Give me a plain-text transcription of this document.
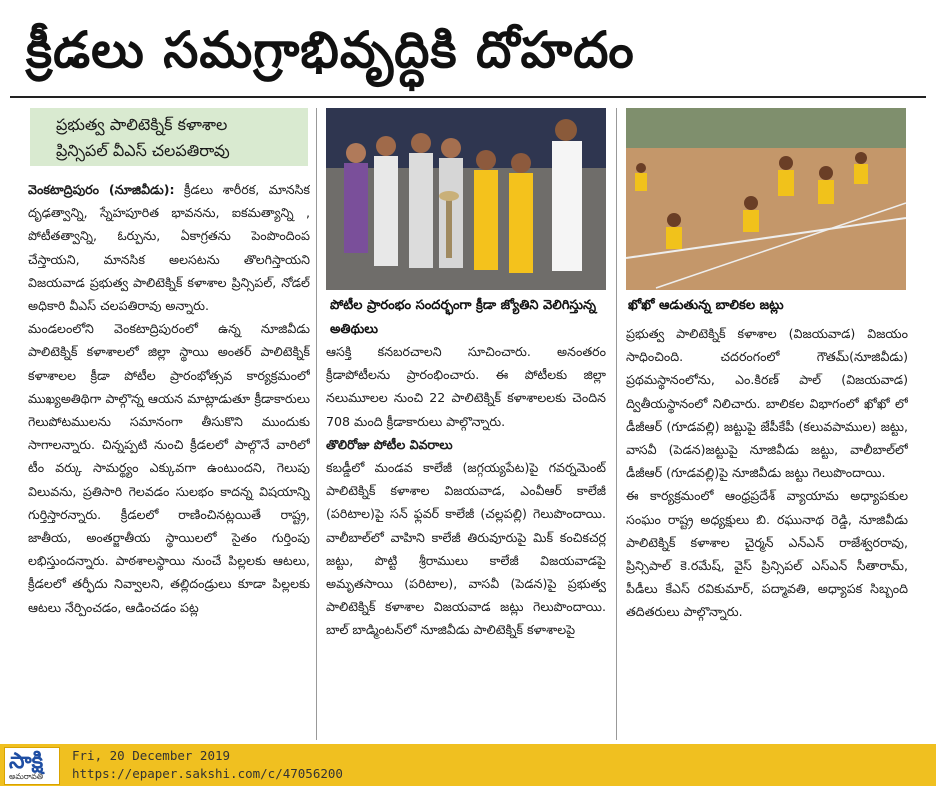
క్రీడలు సమగ్రాభివృద్ధికి దోహదం
ప్రభుత్వ పాలిటెక్నిక్ కళాశాల
ప్రిన్సిపల్ వీఎస్ చలపతిరావు

వెంకటాద్రిపురం (నూజివీడు): క్రీడలు శారీరక, మానసిక దృఢత్వాన్ని, స్నేహపూరిత భావనను, ఐకమత్యాన్ని , పోటీతత్వాన్ని, ఓర్పును, ఏకాగ్రతను పెంపొందింప చేస్తాయని, మానసిక అలసటను తొలగిస్తాయని విజయవాడ ప్రభుత్వ పాలిటెక్నిక్ కళాశాల ప్రిన్సిపల్, నోడల్ అధికారి వీఎస్ చలపతిరావు అన్నారు.

మండలంలోని వెంకటాద్రిపురంలో ఉన్న నూజివీడు పాలిటెక్నిక్ కళాశాలలో జిల్లా స్థాయి అంతర్ పాలిటెక్నిక్ కళాశాలల క్రీడా పోటీల ప్రారంభోత్సవ కార్యక్రమంలో ముఖ్యఅతిథిగా పాల్గొన్న ఆయన మాట్లాడుతూ క్రీడాకారులు గెలుపోటములను సమానంగా తీసుకొని ముందుకు సాగాలన్నారు. చిన్నప్పటి నుంచి క్రీడలలో పాల్గొనే వారిలో టీం వర్కు సామర్థ్యం ఎక్కువగా ఉంటుందని, గెలుపు విలువను, ప్రతిసారి గెలవడం సులభం కాదన్న విషయాన్ని గుర్తిస్తారన్నారు. క్రీడలలో రాణించినట్లయితే రాష్ట్ర, జాతీయ, అంతర్జాతీయ స్థాయిలలో సైతం గుర్తింపు లభిస్తుందన్నారు. పాఠశాలస్థాయి నుంచే పిల్లలకు ఆటలు, క్రీడలలో తర్ఫీదు నివ్వాలని, తల్లిదండ్రులు కూడా పిల్లలకు ఆటలు నేర్పించడం, ఆడించడం పట్ల

పోటీల ప్రారంభం సందర్భంగా క్రీడా జ్యోతిని వెలిగిస్తున్న అతిథులు
ఖోఖో ఆడుతున్న బాలికల జట్లు

ఆసక్తి కనబరచాలని సూచించారు. అనంతరం క్రీడాపోటీలను ప్రారంభించారు. ఈ పోటీలకు జిల్లా నలుమూలల నుంచి 22 పాలిటెక్నిక్ కళాశాలలకు చెందిన 708 మంది క్రీడాకారులు పాల్గొన్నారు.

తొలిరోజు పోటీల వివరాలు

కబడ్డీలో మండవ కాలేజీ (జగ్గయ్యపేట)పై గవర్నమెంట్ పాలిటెక్నిక్ కళాశాల విజయవాడ, ఎంవీఆర్ కాలేజీ (పరిటాల)పై సన్ ఫ్లవర్ కాలేజీ (చల్లపల్లి) గెలుపొందాయి. వాలీబాల్‌లో వాహిని కాలేజీ తిరువూరుపై మిక్ కంచికచర్ల జట్టు, పొట్టి శ్రీరాములు కాలేజీ విజయవాడపై అమృతసాయి (పరిటాల), వాసవీ (పెడన)పై ప్రభుత్వ పాలిటెక్నిక్ కళాశాల విజయవాడ జట్లు గెలుపొందాయి. బాల్ బాడ్మింటన్‌లో నూజివీడు పాలిటెక్నిక్ కళాశాలపై

ప్రభుత్వ పాలిటెక్నిక్ కళాశాల (విజయవాడ) విజయం సాధించింది. చదరంగంలో గౌతమ్(నూజివీడు) ప్రథమస్థానంలోను, ఎం.కిరణ్ పాల్ (విజయవాడ) ద్వితీయస్థానంలో నిలిచారు. బాలికల విభాగంలో ఖోఖో లో డీజీఆర్ (గూడవల్లి) జట్టుపై జేపీకేపీ (కలువపాముల) జట్టు, వాసవీ (పెడన)జట్టుపై నూజివీడు జట్టు, వాలీబాల్‌లో డీజీఆర్ (గూడవల్లి)పై నూజివీడు జట్టు గెలుపొందాయి.

ఈ కార్యక్రమంలో ఆంధ్రప్రదేశ్ వ్యాయామ అధ్యాపకుల సంఘం రాష్ట్ర అధ్యక్షులు బి. రఘునాథ రెడ్డి, నూజివీడు పాలిటెక్నిక్ కళాశాల చైర్మన్ ఎన్ఎన్ రాజేశ్వరరావు, ప్రిన్సిపాల్ కె.రమేష్, వైస్ ప్రిన్సిపల్ ఎస్ఎన్ సీతారామ్, పీడీలు కేఎస్ రవికుమార్, పద్మావతి, అధ్యాపక సిబ్బంది తదితరులు పాల్గొన్నారు.

సాక్షి
అమరావతి
Fri, 20 December 2019
https://epaper.sakshi.com/c/47056200
